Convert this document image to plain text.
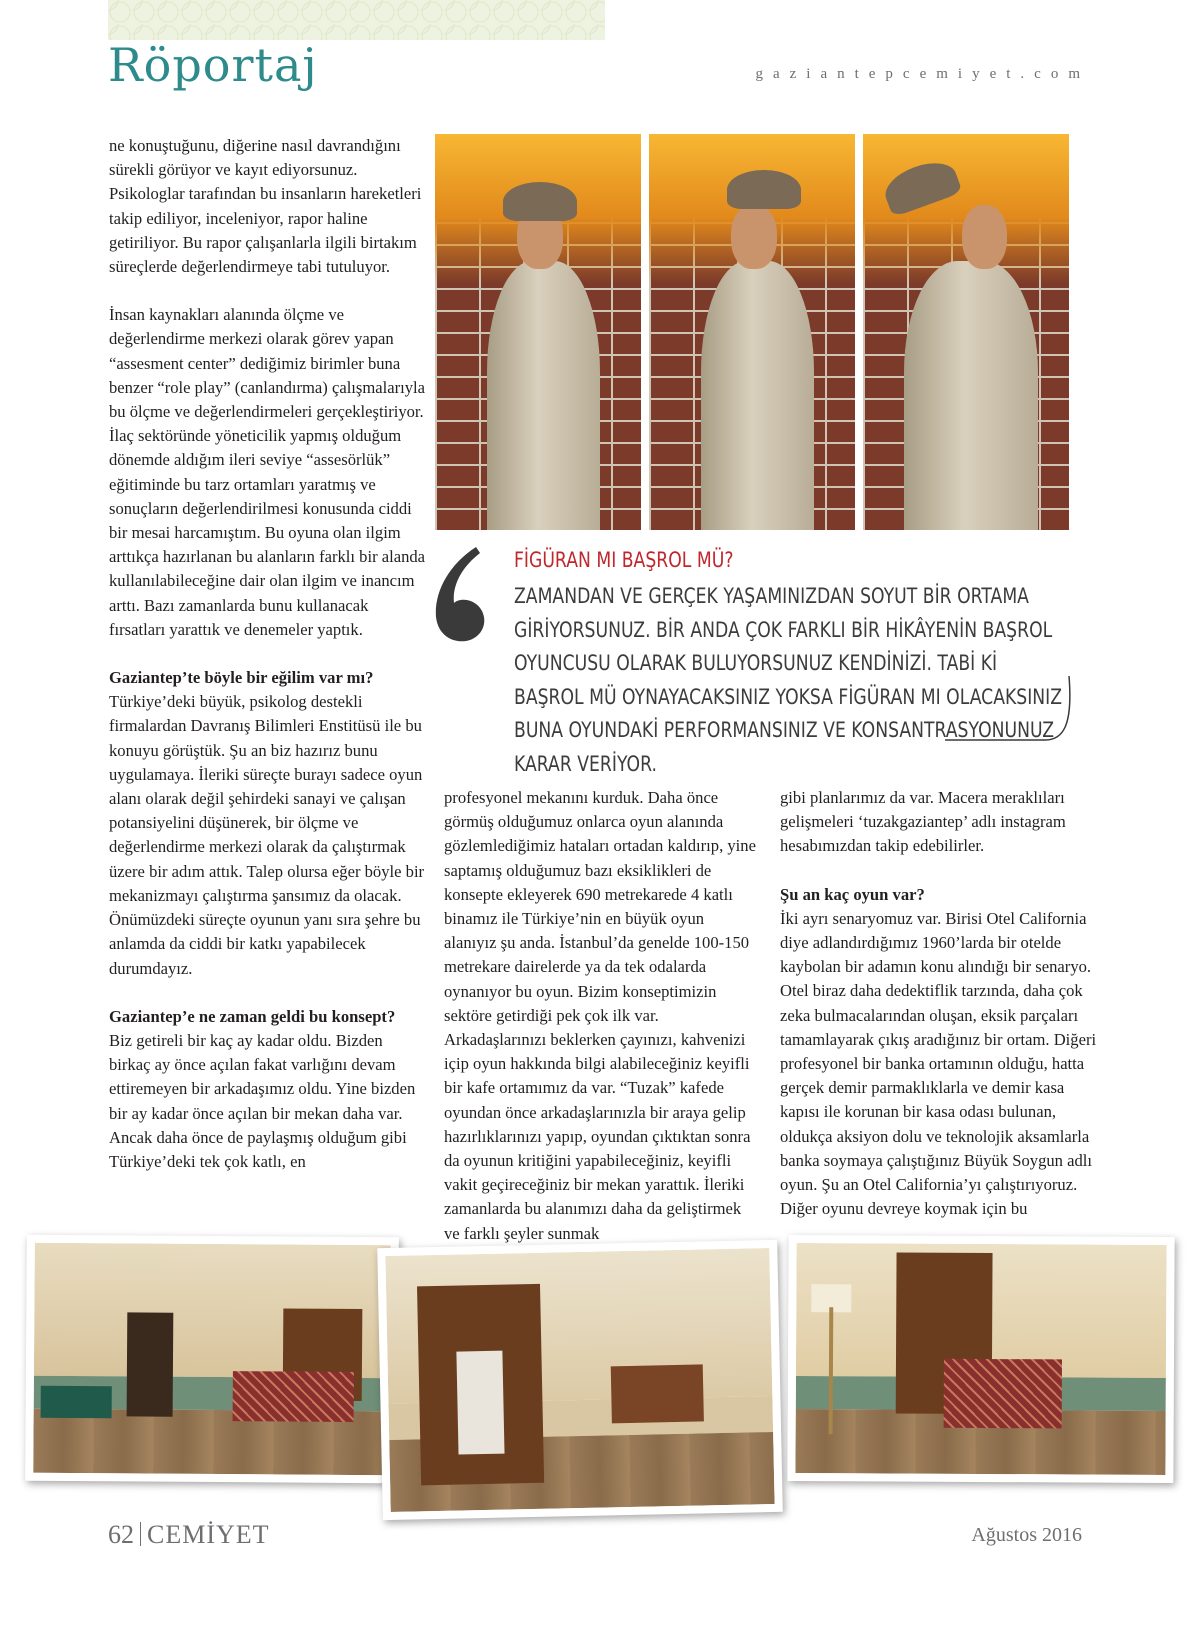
Röportaj	gaziantepcemiyet.com

ne konuştuğunu, diğerine nasıl davrandığını sürekli görüyor ve kayıt ediyorsunuz. Psikologlar tarafından bu insanların hareketleri takip ediliyor, inceleniyor, rapor haline getiriliyor. Bu rapor çalışanlarla ilgili birtakım süreçlerde değerlendirmeye tabi tutuluyor.

İnsan kaynakları alanında ölçme ve değerlendirme merkezi olarak görev yapan “assesment center” dediğimiz birimler buna benzer “role play” (canlandırma) çalışmalarıyla bu ölçme ve değerlendirmeleri gerçekleştiriyor. İlaç sektöründe yöneticilik yapmış olduğum dönemde aldığım ileri seviye “assesörlük” eğitiminde bu tarz ortamları yaratmış ve sonuçların değerlendirilmesi konusunda ciddi bir mesai harcamıştım. Bu oyuna olan ilgim arttıkça hazırlanan bu alanların farklı bir alanda kullanılabileceğine dair olan ilgim ve inancım arttı. Bazı zamanlarda bunu kullanacak fırsatları yarattık ve denemeler yaptık.

Gaziantep’te böyle bir eğilim var mı?

Türkiye’deki büyük, psikolog destekli firmalardan Davranış Bilimleri Enstitüsü ile bu konuyu görüştük. Şu an biz hazırız bunu uygulamaya. İleriki süreçte burayı sadece oyun alanı olarak değil şehirdeki sanayi ve çalışan potansiyelini düşünerek, bir ölçme ve değerlendirme merkezi olarak da çalıştırmak üzere bir adım attık. Talep olursa eğer böyle bir mekanizmayı çalıştırma şansımız da olacak. Önümüzdeki süreçte oyunun yanı sıra şehre bu anlamda da ciddi bir katkı yapabilecek durumdayız.

Gaziantep’e ne zaman geldi bu konsept?

Biz getireli bir kaç ay kadar oldu. Bizden birkaç ay önce açılan fakat varlığını devam ettiremeyen bir arkadaşımız oldu. Yine bizden bir ay kadar önce açılan bir mekan daha var. Ancak daha önce de paylaşmış olduğum gibi Türkiye’deki tek çok katlı, en

FİGÜRAN MI BAŞROL MÜ?
ZAMANDAN VE GERÇEK YAŞAMINIZDAN SOYUT BİR ORTAMA GİRİYORSUNUZ. BİR ANDA ÇOK FARKLI BİR HİKÂYENİN BAŞROL OYUNCUSU OLARAK BULUYORSUNUZ KENDİNİZİ. TABİ Kİ BAŞROL MÜ OYNAYACAKSINIZ YOKSA FİGÜRAN MI OLACAKSINIZ BUNA OYUNDAKİ PERFORMANSINIZ VE KONSANTRASYONUNUZ KARAR VERİYOR.

profesyonel mekanını kurduk. Daha önce görmüş olduğumuz onlarca oyun alanında gözlemlediğimiz hataları ortadan kaldırıp, yine saptamış olduğumuz bazı eksiklikleri de konsepte ekleyerek 690 metrekarede 4 katlı binamız ile Türkiye’nin en büyük oyun alanıyız şu anda. İstanbul’da genelde 100-150 metrekare dairelerde ya da tek odalarda oynanıyor bu oyun. Bizim konseptimizin sektöre getirdiği pek çok ilk var. Arkadaşlarınızı beklerken çayınızı, kahvenizi içip oyun hakkında bilgi alabileceğiniz keyifli bir kafe ortamımız da var. “Tuzak” kafede oyundan önce arkadaşlarınızla bir araya gelip hazırlıklarınızı yapıp, oyundan çıktıktan sonra da oyunun kritiğini yapabileceğiniz, keyifli vakit geçireceğiniz bir mekan yarattık. İleriki zamanlarda bu alanımızı daha da geliştirmek ve farklı şeyler sunmak

gibi planlarımız da var. Macera meraklıları gelişmeleri ‘tuzakgaziantep’ adlı instagram hesabımızdan takip edebilirler.

Şu an kaç oyun var?

İki ayrı senaryomuz var. Birisi Otel California diye adlandırdığımız 1960’larda bir otelde kaybolan bir adamın konu alındığı bir senaryo. Otel biraz daha dedektiflik tarzında, daha çok zeka bulmacalarından oluşan, eksik parçaları tamamlayarak çıkış aradığınız bir ortam. Diğeri profesyonel bir banka ortamının olduğu, hatta gerçek demir parmaklıklarla ve demir kasa kapısı ile korunan bir kasa odası bulunan, oldukça aksiyon dolu ve teknolojik aksamlarla banka soymaya çalıştığınız Büyük Soygun adlı oyun. Şu an Otel California’yı çalıştırıyoruz. Diğer oyunu devreye koymak için bu

62 CEMİYET	Ağustos 2016
